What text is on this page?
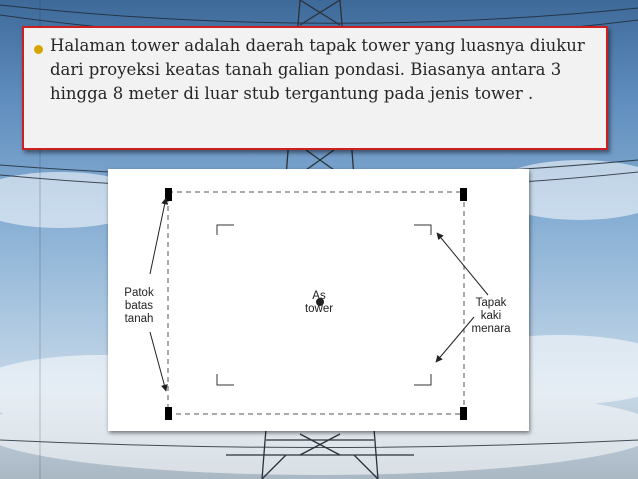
Halaman tower adalah daerah tapak tower yang luasnya diukur dari proyeksi keatas tanah galian pondasi. Biasanya antara 3 hingga 8 meter di luar stub tergantung pada jenis tower .
Patok
batas
tanah
As
tower	Tapak
kaki
menara
